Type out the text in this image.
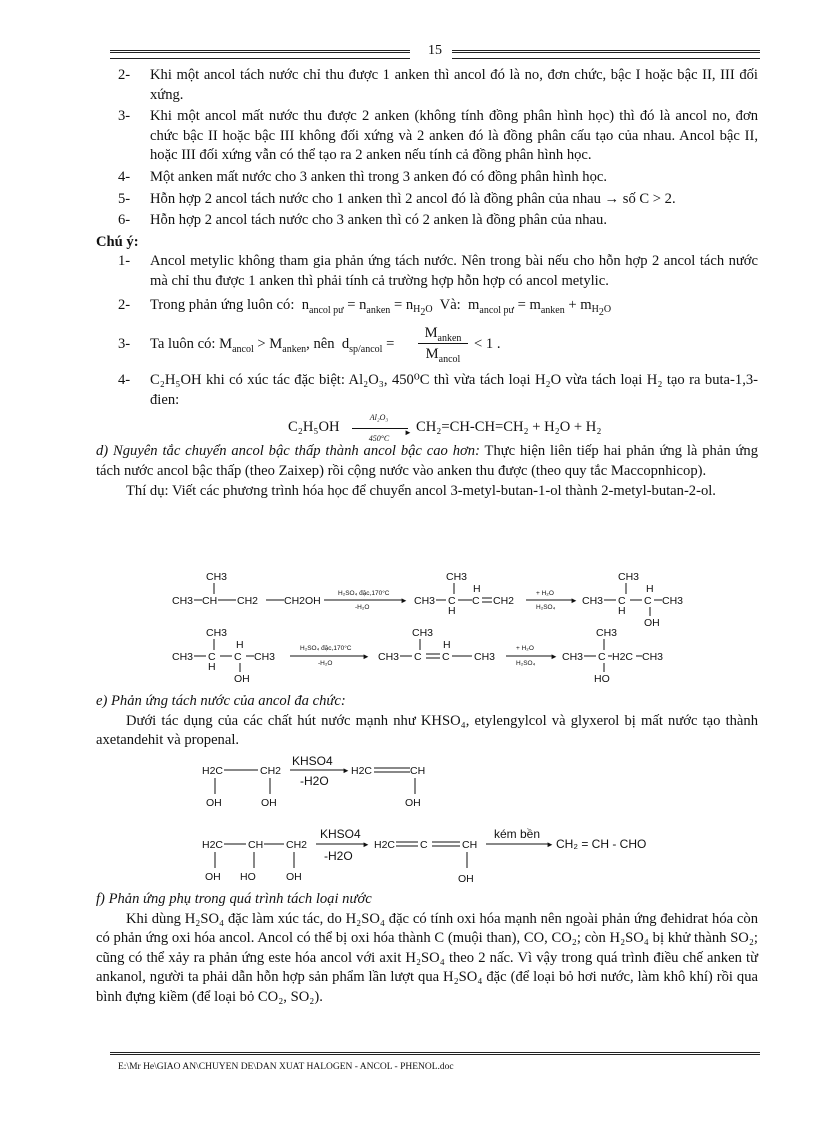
15
2- Khi một ancol tách nước chỉ thu được 1 anken thì ancol đó là no, đơn chức, bậc I hoặc bậc II, III đối xứng.
3- Khi một ancol mất nước thu được 2 anken (không tính đồng phân hình học) thì đó là ancol no, đơn chức bậc II hoặc bậc III không đối xứng và 2 anken đó là đồng phân cấu tạo của nhau. Ancol bậc II, hoặc III đối xứng vẫn có thể tạo ra 2 anken nếu tính cả đồng phân hình học.
4- Một anken mất nước cho 3 anken thì trong 3 anken đó có đồng phân hình học.
5- Hỗn hợp 2 ancol tách nước cho 1 anken thì 2 ancol đó là đồng phân của nhau → số C > 2.
6- Hỗn hợp 2 ancol tách nước cho 3 anken thì có 2 anken là đồng phân của nhau.
Chú ý:
1- Ancol metylic không tham gia phản ứng tách nước. Nên trong bài nếu cho hỗn hợp 2 ancol tách nước mà chỉ thu được 1 anken thì phải tính cả trường hợp hỗn hợp có ancol metylic.
2- Trong phản ứng luôn có:  $n_{ancol pư} = n_{anken} = n_{H_2O}$ Và:  $m_{ancol pư} = m_{anken} + m_{H_2O}$
3- Ta luôn có: $M_{ancol} > M_{anken}$, nên  $d_{sp/ancol}$ =
$M_{anken}$
$M_{ancol}$
< 1 .
4- C₂H₅OH khi có xúc tác đặc biệt: Al₂O₃, 450⁰C thì vừa tách loại H₂O vừa tách loại H₂ tạo ra buta-1,3-đien:
C₂H₅OH
Al₂O₃
►
450°C
CH₂=CH-CH=CH₂ + H₂O + H₂
d) Nguyên tắc chuyển ancol bậc thấp thành ancol bậc cao hơn: Thực hiện liên tiếp hai phản ứng là phản ứng tách nước ancol bậc thấp (theo Zaixep) rồi cộng nước vào anken thu được (theo quy tắc Maccopnhicop).
Thí dụ: Viết các phương trình hóa học để chuyển ancol 3-metyl-butan-1-ol thành 2-metyl-butan-2-ol.
CH3
CH3 CH CH2 CH2OH
H₂SO₄ đặc,170°C
►
-H₂O
CH3
CH3 C
H
H
C CH2
+ H₂O
►
H₂SO₄
CH3
CH3 C
H
H
C CH3
OH
CH3
CH3 C
H
H
C CH3
OH
H₂SO₄ đặc,170°C
►
-H₂O
CH3
CH3 C
H
C CH3
+ H₂O
►
H₂SO₄
CH3
CH3 C H2C CH3
HO
e) Phản ứng tách nước của ancol đa chức:
Dưới tác dụng của các chất hút nước mạnh như KHSO₄, etylengylcol và glyxerol bị mất nước tạo thành axetandehit và propenal.
H2C	CH2
OH	OH
KHSO4
►
-H2O
H2C	CH
OH
H2C CH CH2
OH HO	OH
KHSO4
►
-H2O
H2C C	CH
OH
kém bền
► CH₂ = CH - CHO
f) Phản ứng phụ trong quá trình tách loại nước
Khi dùng H₂SO₄ đặc làm xúc tác, do H₂SO₄ đặc có tính oxi hóa mạnh nên ngoài phản ứng đehidrat hóa còn có phản ứng oxi hóa ancol. Ancol có thể bị oxi hóa thành C (muội than), CO, CO₂; còn H₂SO₄ bị khử thành SO₂; cũng có thể xảy ra phản ứng este hóa ancol với axit H₂SO₄ theo 2 nấc. Vì vậy trong quá trình điều chế anken từ ankanol, người ta phải dẫn hỗn hợp sản phẩm lần lượt qua H₂SO₄ đặc (để loại bỏ hơi nước, làm khô khí) rồi qua bình đựng kiềm (để loại bỏ CO₂, SO₂).
E:\Mr He\GIAO AN\CHUYEN DE\DAN XUAT HALOGEN - ANCOL - PHENOL.doc
